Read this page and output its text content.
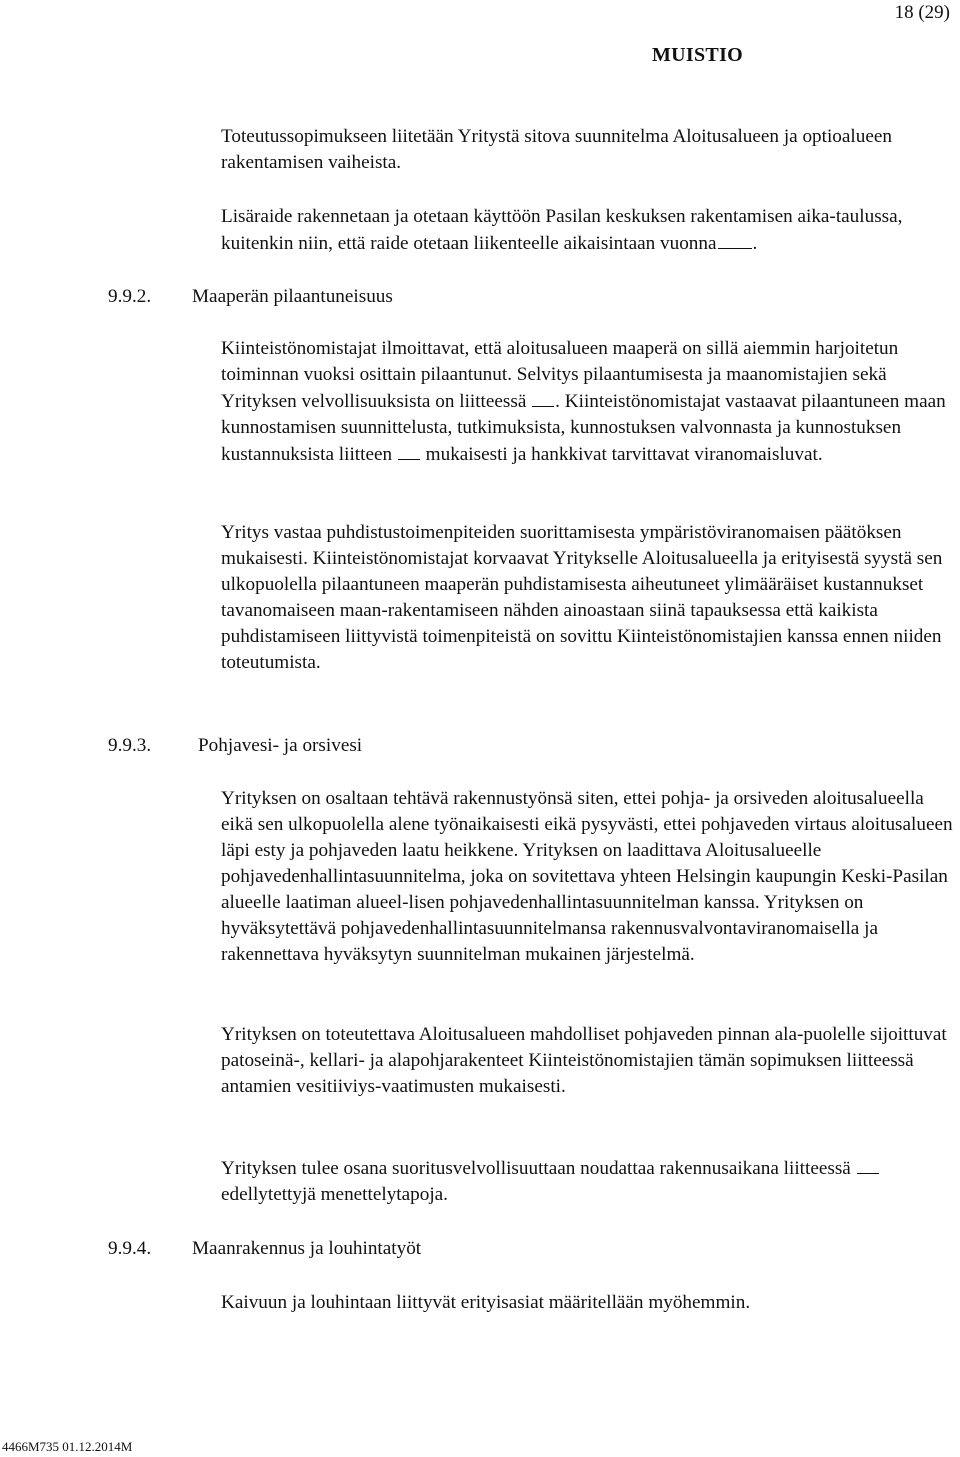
18 (29)
MUISTIO
Toteutussopimukseen liitetään Yritystä sitova suunnitelma Aloitusalueen ja optioalueen rakentamisen vaiheista.
Lisäraide rakennetaan ja otetaan käyttöön Pasilan keskuksen rakentamisen aika-taulussa, kuitenkin niin, että raide otetaan liikenteelle aikaisintaan vuonna .
9.9.2. Maaperän pilaantuneisuus
Kiinteistönomistajat ilmoittavat, että aloitusalueen maaperä on sillä aiemmin harjoitetun toiminnan vuoksi osittain pilaantunut. Selvitys pilaantumisesta ja maanomistajien sekä Yrityksen velvollisuuksista on liitteessä . Kiinteistönomistajat vastaavat pilaantuneen maan kunnostamisen suunnittelusta, tutkimuksista, kunnostuksen valvonnasta ja kunnostuksen kustannuksista liitteen mukaisesti ja hankkivat tarvittavat viranomaisluvat.
Yritys vastaa puhdistustoimenpiteiden suorittamisesta ympäristöviranomaisen päätöksen mukaisesti. Kiinteistönomistajat korvaavat Yritykselle Aloitusalueella ja erityisestä syystä sen ulkopuolella pilaantuneen maaperän puhdistamisesta aiheutuneet ylimääräiset kustannukset tavanomaiseen maan-rakentamiseen nähden ainoastaan siinä tapauksessa että kaikista puhdistamiseen liittyvistä toimenpiteistä on sovittu Kiinteistönomistajien kanssa ennen niiden toteutumista.
9.9.3. Pohjavesi- ja orsivesi
Yrityksen on osaltaan tehtävä rakennustyönsä siten, ettei pohja- ja orsiveden aloitusalueella eikä sen ulkopuolella alene työnaikaisesti eikä pysyvästi, ettei pohjaveden virtaus aloitusalueen läpi esty ja pohjaveden laatu heikkene. Yrityksen on laadittava Aloitusalueelle pohjavedenhallintasuunnitelma, joka on sovitettava yhteen Helsingin kaupungin Keski-Pasilan alueelle laatiman alueel-lisen pohjavedenhallintasuunnitelman kanssa. Yrityksen on hyväksytettävä pohjavedenhallintasuunnitelmansa rakennusvalvontaviranomaisella ja rakennettava hyväksytyn suunnitelman mukainen järjestelmä.
Yrityksen on toteutettava Aloitusalueen mahdolliset pohjaveden pinnan ala-puolelle sijoittuvat patoseinä-, kellari- ja alapohjarakenteet Kiinteistönomistajien tämän sopimuksen liitteessä antamien vesitiiviys-vaatimusten mukaisesti.
Yrityksen tulee osana suoritusvelvollisuuttaan noudattaa rakennusaikana liitteessä  edellytettyjä menettelytapoja.
9.9.4. Maanrakennus ja louhintatyöt
Kaivuun ja louhintaan liittyvät erityisasiat määritellään myöhemmin.
4466M735 01.12.2014M
